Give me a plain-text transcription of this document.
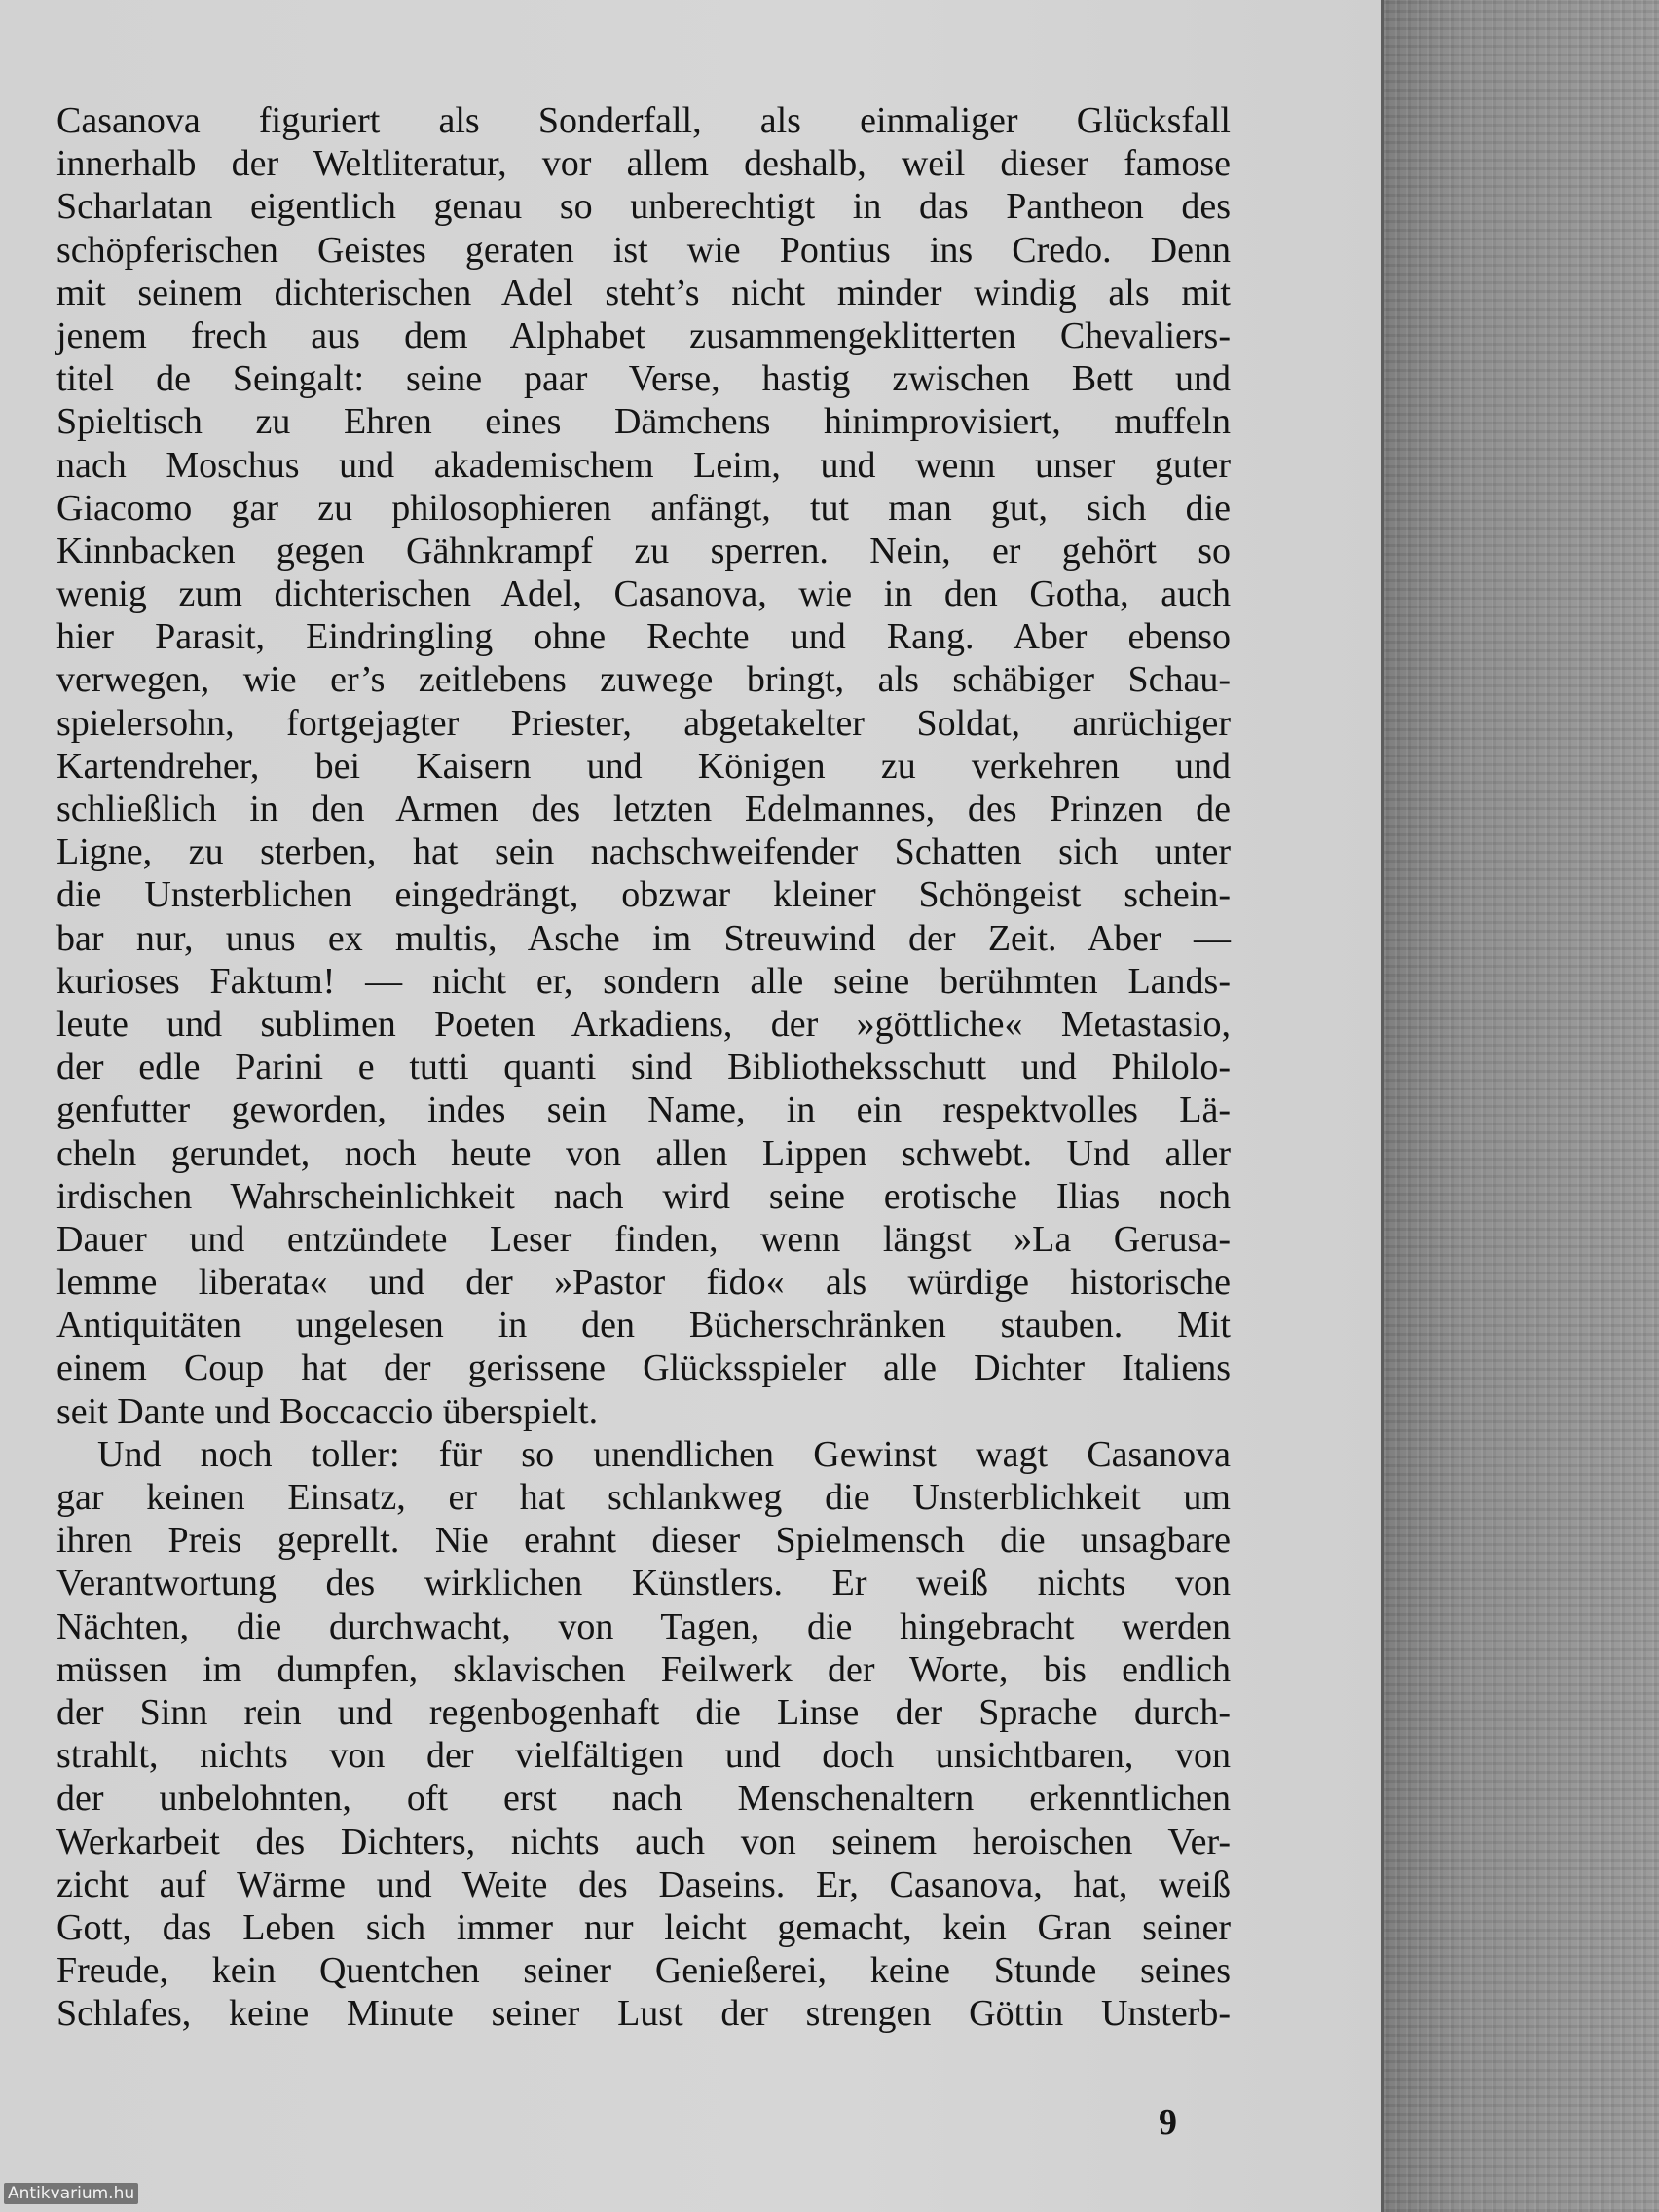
Casanova figuriert als Sonderfall, als einmaliger Glücksfall
innerhalb der Weltliteratur, vor allem deshalb, weil dieser famose
Scharlatan eigentlich genau so unberechtigt in das Pantheon des
schöpferischen Geistes geraten ist wie Pontius ins Credo. Denn
mit seinem dichterischen Adel steht’s nicht minder windig als mit
jenem frech aus dem Alphabet zusammengeklitterten Chevaliers-
titel de Seingalt: seine paar Verse, hastig zwischen Bett und
Spieltisch zu Ehren eines Dämchens hinimprovisiert, muffeln
nach Moschus und akademischem Leim, und wenn unser guter
Giacomo gar zu philosophieren anfängt, tut man gut, sich die
Kinnbacken gegen Gähnkrampf zu sperren. Nein, er gehört so
wenig zum dichterischen Adel, Casanova, wie in den Gotha, auch
hier Parasit, Eindringling ohne Rechte und Rang. Aber ebenso
verwegen, wie er’s zeitlebens zuwege bringt, als schäbiger Schau-
spielersohn, fortgejagter Priester, abgetakelter Soldat, anrüchiger
Kartendreher, bei Kaisern und Königen zu verkehren und
schließlich in den Armen des letzten Edelmannes, des Prinzen de
Ligne, zu sterben, hat sein nachschweifender Schatten sich unter
die Unsterblichen eingedrängt, obzwar kleiner Schöngeist schein-
bar nur, unus ex multis, Asche im Streuwind der Zeit. Aber —
kurioses Faktum! — nicht er, sondern alle seine berühmten Lands-
leute und sublimen Poeten Arkadiens, der »göttliche« Metastasio,
der edle Parini e tutti quanti sind Bibliotheksschutt und Philolo-
genfutter geworden, indes sein Name, in ein respektvolles Lä-
cheln gerundet, noch heute von allen Lippen schwebt. Und aller
irdischen Wahrscheinlichkeit nach wird seine erotische Ilias noch
Dauer und entzündete Leser finden, wenn längst »La Gerusa-
lemme liberata« und der »Pastor fido« als würdige historische
Antiquitäten ungelesen in den Bücherschränken stauben. Mit
einem Coup hat der gerissene Glücksspieler alle Dichter Italiens
seit Dante und Boccaccio überspielt.
Und noch toller: für so unendlichen Gewinst wagt Casanova
gar keinen Einsatz, er hat schlankweg die Unsterblichkeit um
ihren Preis geprellt. Nie erahnt dieser Spielmensch die unsagbare
Verantwortung des wirklichen Künstlers. Er weiß nichts von
Nächten, die durchwacht, von Tagen, die hingebracht werden
müssen im dumpfen, sklavischen Feilwerk der Worte, bis endlich
der Sinn rein und regenbogenhaft die Linse der Sprache durch-
strahlt, nichts von der vielfältigen und doch unsichtbaren, von
der unbelohnten, oft erst nach Menschenaltern erkenntlichen
Werkarbeit des Dichters, nichts auch von seinem heroischen Ver-
zicht auf Wärme und Weite des Daseins. Er, Casanova, hat, weiß
Gott, das Leben sich immer nur leicht gemacht, kein Gran seiner
Freude, kein Quentchen seiner Genießerei, keine Stunde seines
Schlafes, keine Minute seiner Lust der strengen Göttin Unsterb-
9
Antikvarium.hu
